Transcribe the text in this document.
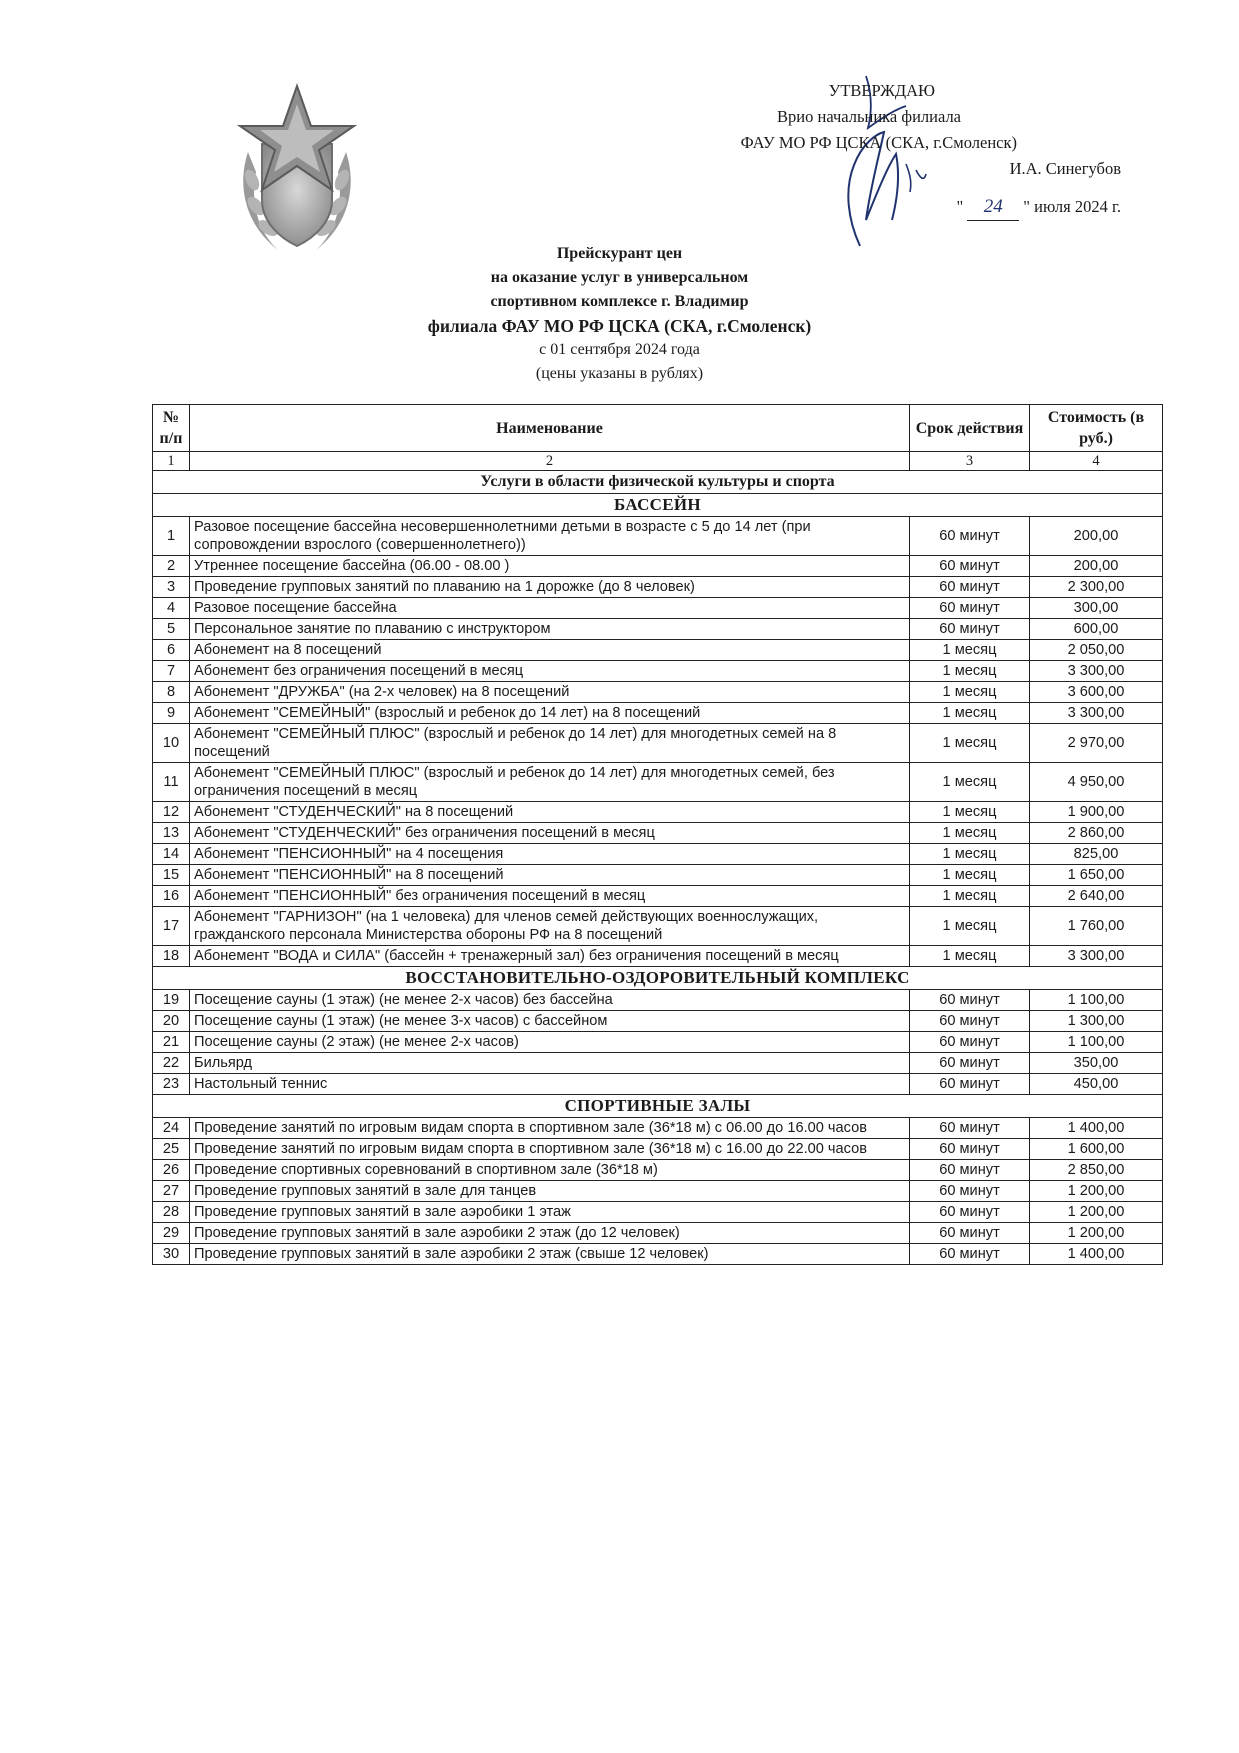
УТВЕРЖДАЮ
Врио начальника филиала
ФАУ МО РФ ЦСКА (СКА, г.Смоленск)
И.А. Синегубов
" 24 " июля 2024 г.
Прейскурант цен
на оказание услуг в универсальном
спортивном комплексе г. Владимир
филиала ФАУ МО РФ ЦСКА (СКА, г.Смоленск)
с 01 сентября 2024 года
(цены указаны в рублях)
№ п/п	Наименование	Срок действия	Стоимость (в руб.)
1	2	3	4
Услуги в области физической культуры и спорта			
БАССЕЙН			
1	Разовое посещение бассейна несовершеннолетними детьми в возрасте с 5 до 14 лет (при сопровождении взрослого (совершеннолетнего))	60 минут	200,00
2	Утреннее посещение бассейна (06.00 - 08.00 )	60 минут	200,00
3	Проведение групповых занятий по плаванию на 1 дорожке (до 8 человек)	60 минут	2 300,00
4	Разовое посещение бассейна	60 минут	300,00
5	Персональное занятие по плаванию с инструктором	60 минут	600,00
6	Абонемент на 8 посещений	1 месяц	2 050,00
7	Абонемент без ограничения посещений в месяц	1 месяц	3 300,00
8	Абонемент "ДРУЖБА" (на 2-х человек) на 8 посещений	1 месяц	3 600,00
9	Абонемент "СЕМЕЙНЫЙ" (взрослый и ребенок до 14 лет) на 8 посещений	1 месяц	3 300,00
10	Абонемент "СЕМЕЙНЫЙ ПЛЮС" (взрослый и ребенок до 14 лет) для многодетных семей на 8 посещений	1 месяц	2 970,00
11	Абонемент "СЕМЕЙНЫЙ ПЛЮС" (взрослый и ребенок до 14 лет) для многодетных семей, без ограничения посещений в месяц	1 месяц	4 950,00
12	Абонемент "СТУДЕНЧЕСКИЙ" на 8 посещений	1 месяц	1 900,00
13	Абонемент "СТУДЕНЧЕСКИЙ" без ограничения посещений в месяц	1 месяц	2 860,00
14	Абонемент "ПЕНСИОННЫЙ" на 4 посещения	1 месяц	825,00
15	Абонемент "ПЕНСИОННЫЙ" на 8 посещений	1 месяц	1 650,00
16	Абонемент "ПЕНСИОННЫЙ" без ограничения посещений в месяц	1 месяц	2 640,00
17	Абонемент "ГАРНИЗОН" (на 1 человека) для членов семей действующих военнослужащих, гражданского персонала Министерства обороны РФ на 8 посещений	1 месяц	1 760,00
18	Абонемент "ВОДА и СИЛА" (бассейн + тренажерный зал) без ограничения посещений в месяц	1 месяц	3 300,00
ВОССТАНОВИТЕЛЬНО-ОЗДОРОВИТЕЛЬНЫЙ КОМПЛЕКС			
19	Посещение сауны (1 этаж) (не менее 2-х часов) без бассейна	60 минут	1 100,00
20	Посещение сауны (1 этаж) (не менее 3-х часов) с бассейном	60 минут	1 300,00
21	Посещение сауны (2 этаж) (не менее 2-х часов)	60 минут	1 100,00
22	Бильярд	60 минут	350,00
23	Настольный теннис	60 минут	450,00
СПОРТИВНЫЕ ЗАЛЫ			
24	Проведение занятий по игровым видам спорта в спортивном зале (36*18 м) с 06.00 до 16.00 часов	60 минут	1 400,00
25	Проведение занятий по игровым видам спорта в спортивном зале (36*18 м) с 16.00 до 22.00 часов	60 минут	1 600,00
26	Проведение спортивных соревнований в спортивном зале (36*18 м)	60 минут	2 850,00
27	Проведение групповых занятий в зале для танцев	60 минут	1 200,00
28	Проведение групповых занятий в зале аэробики 1 этаж	60 минут	1 200,00
29	Проведение групповых занятий в зале аэробики 2 этаж (до 12 человек)	60 минут	1 200,00
30	Проведение групповых занятий в зале аэробики 2 этаж (свыше 12 человек)	60 минут	1 400,00
